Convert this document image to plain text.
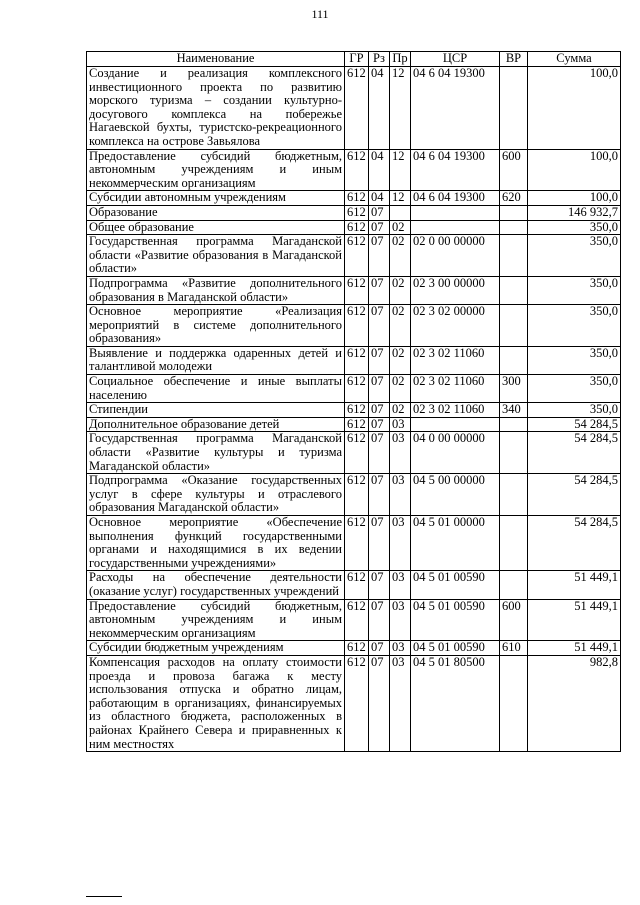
111
Наименование	ГР	Рз	Пр	ЦСР	ВР	Сумма
Создание и реализация комплексного инвестиционного проекта по развитию морского туризма – создании культурно-досугового комплекса на побережье Нагаевской бухты, туристско-рекреационного комплекса на острове Завьялова	612	04	12	04 6 04 19300		100,0
Предоставление субсидий бюджетным, автономным учреждениям и иным некоммерческим организациям	612	04	12	04 6 04 19300	600	100,0
Субсидии автономным учреждениям	612	04	12	04 6 04 19300	620	100,0
Образование	612	07				146 932,7
Общее образование	612	07	02			350,0
Государственная программа Магаданской области «Развитие образования в Магаданской области»	612	07	02	02 0 00 00000		350,0
Подпрограмма «Развитие дополнительного образования в Магаданской области»	612	07	02	02 3 00 00000		350,0
Основное мероприятие «Реализация мероприятий в системе дополнительного образования»	612	07	02	02 3 02 00000		350,0
Выявление и поддержка одаренных детей и талантливой молодежи	612	07	02	02 3 02 11060		350,0
Социальное обеспечение и иные выплаты населению	612	07	02	02 3 02 11060	300	350,0
Стипендии	612	07	02	02 3 02 11060	340	350,0
Дополнительное образование детей	612	07	03			54 284,5
Государственная программа Магаданской области «Развитие культуры и туризма Магаданской области»	612	07	03	04 0 00 00000		54 284,5
Подпрограмма «Оказание государственных услуг в сфере культуры и отраслевого образования Магаданской области»	612	07	03	04 5 00 00000		54 284,5
Основное мероприятие «Обеспечение выполнения функций государственными органами и находящимися в их ведении государственными учреждениями»	612	07	03	04 5 01 00000		54 284,5
Расходы на обеспечение деятельности (оказание услуг) государственных учреждений	612	07	03	04 5 01 00590		51 449,1
Предоставление субсидий бюджетным, автономным учреждениям и иным некоммерческим организациям	612	07	03	04 5 01 00590	600	51 449,1
Субсидии бюджетным учреждениям	612	07	03	04 5 01 00590	610	51 449,1
Компенсация расходов на оплату стоимости проезда и провоза багажа к месту использования отпуска и обратно лицам, работающим в организациях, финансируемых из областного бюджета, расположенных в районах Крайнего Севера и приравненных к ним местностях	612	07	03	04 5 01 80500		982,8
